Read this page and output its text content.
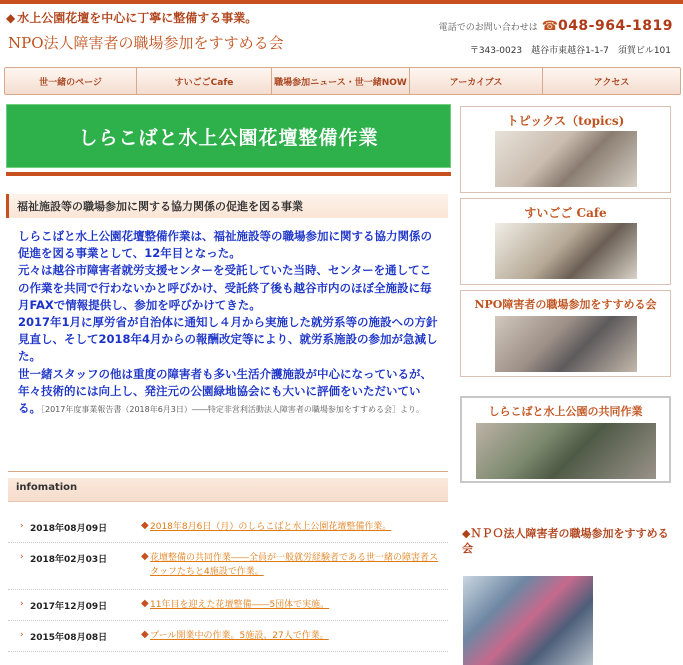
◆ 水上公園花壇を中心に丁寧に整備する事業。
NPO法人障害者の職場参加をすすめる会
電話でのお問い合わせは ☎048-964-1819
〒343-0023　越谷市東越谷1-1-7　須賀ビル101
世一緒のページ	すいごごCafe	職場参加ニュース・世一緒NOW	アーカイブス	アクセス
しらこばと水上公園花壇整備作業
福祉施設等の職場参加に関する協力関係の促進を図る事業
しらこばと水上公園花壇整備作業は、福祉施設等の職場参加に関する協力関係の促進を図る事業として、12年目となった。
元々は越谷市障害者就労支援センターを受託していた当時、センターを通してこの作業を共同で行わないかと呼びかけ、受託終了後も越谷市内のほぼ全施設に毎月FAXで情報提供し、参加を呼びかけてきた。
2017年1月に厚労省が自治体に通知し４月から実施した就労系等の施設への方針見直し、そして2018年4月からの報酬改定等により、就労系施設の参加が急減した。
世一緒スタッフの他は重度の障害者も多い生活介護施設が中心になっているが、年々技術的には向上し、発注元の公園緑地協会にも大いに評価をいただいている。［2017年度事業報告書（2018年6月3日）――特定非営利活動法人障害者の職場参加をすすめる会］より。
infomation
› 2018年08月09日	◆ 2018年8月6日（月）のしらこばと水上公園花壇整備作業。
› 2018年02月03日	◆ 花壇整備の共同作業――全員が一般就労経験者である世一緒の障害者スタッフたちと4施設で作業。
› 2017年12月09日	◆ 11年目を迎えた花壇整備――5団体で実施。
› 2015年08月08日	◆ プール開業中の作業。5施設、27人で作業。
トピックス（topics)
すいごご Cafe
NPO障害者の職場参加をすすめる会
しらこばと水上公園の共同作業
◆ＮＰＯ法人障害者の職場参加をすすめる会
